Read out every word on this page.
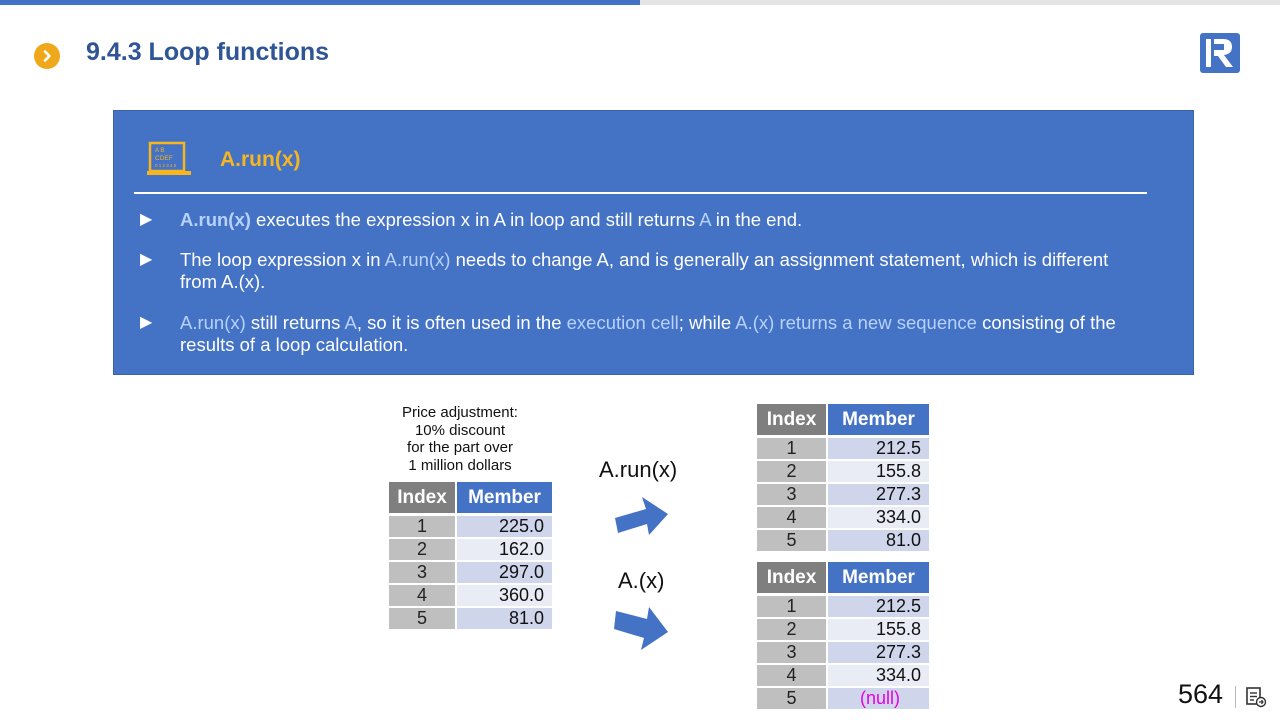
9.4.3 Loop functions
A B
CDEF
0 1 2 3 4 5 A.run(x)
▶ A.run(x) executes the expression x in A in loop and still returns A in the end.
▶ The loop expression x in A.run(x) needs to change A, and is generally an assignment statement, which is different from A.(x).
▶ A.run(x) still returns A, so it is often used in the execution cell; while A.(x) returns a new sequence consisting of the results of a loop calculation.
Price adjustment:
10% discount
for the part over
1 million dollars
Index	Member
1	225.0
2	162.0
3	297.0
4	360.0
5	81.0
A.run(x)
A.(x)
Index	Member
1	212.5
2	155.8
3	277.3
4	334.0
5	81.0
Index	Member
1	212.5
2	155.8
3	277.3
4	334.0
5	(null)	564
